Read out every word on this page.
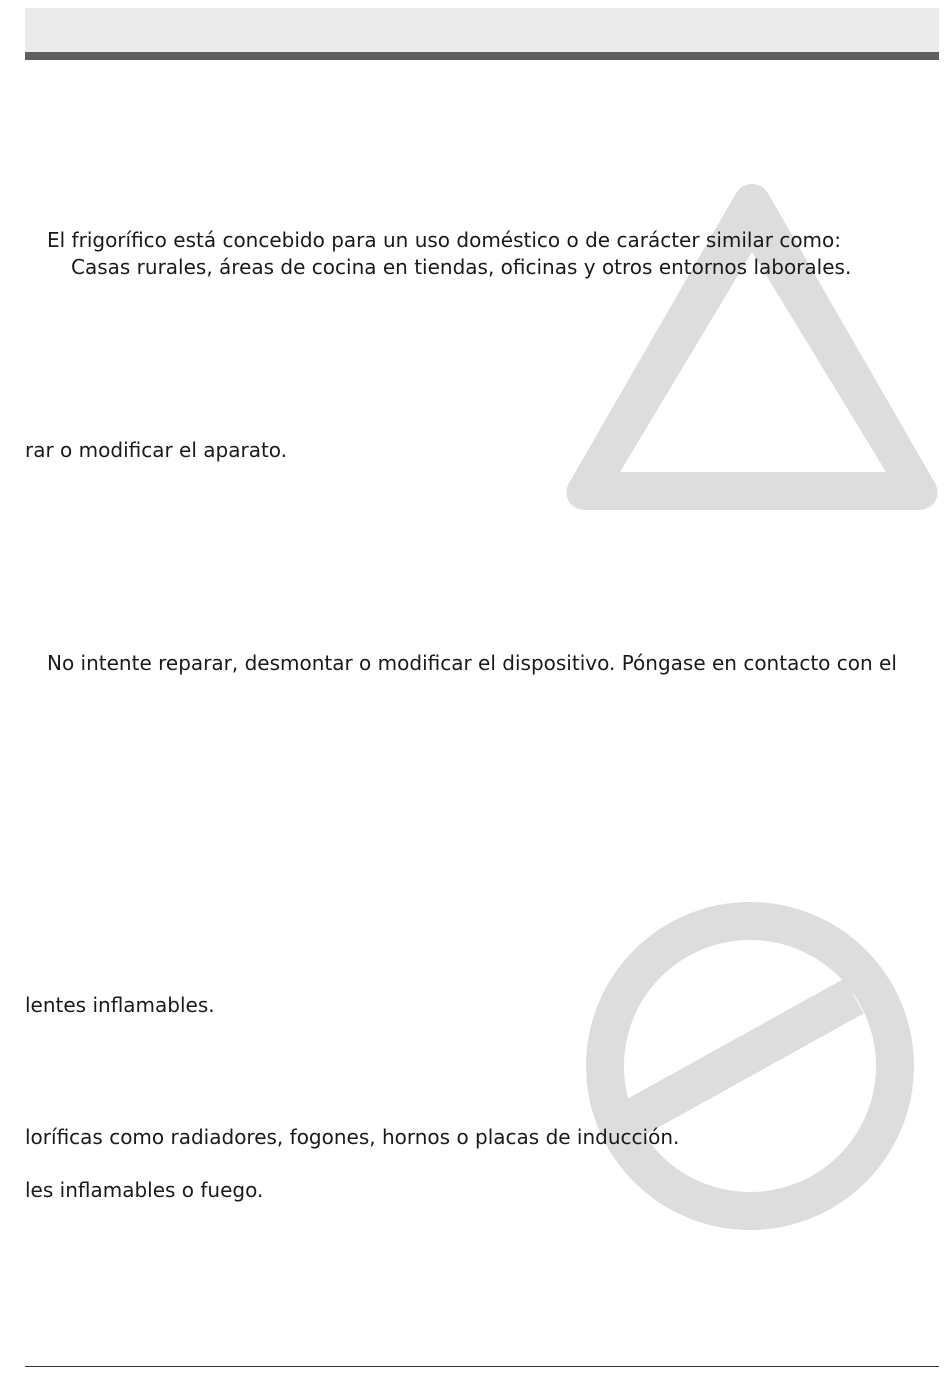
El frigorífico está concebido para un uso doméstico o de carácter similar como:

Casas rurales, áreas de cocina en tiendas, oficinas y otros entornos laborales.

rar o modificar el aparato.

No intente reparar, desmontar o modificar el dispositivo. Póngase en contacto con el

lentes inflamables.

loríficas como radiadores, fogones, hornos o placas de inducción.

les inflamables o fuego.
